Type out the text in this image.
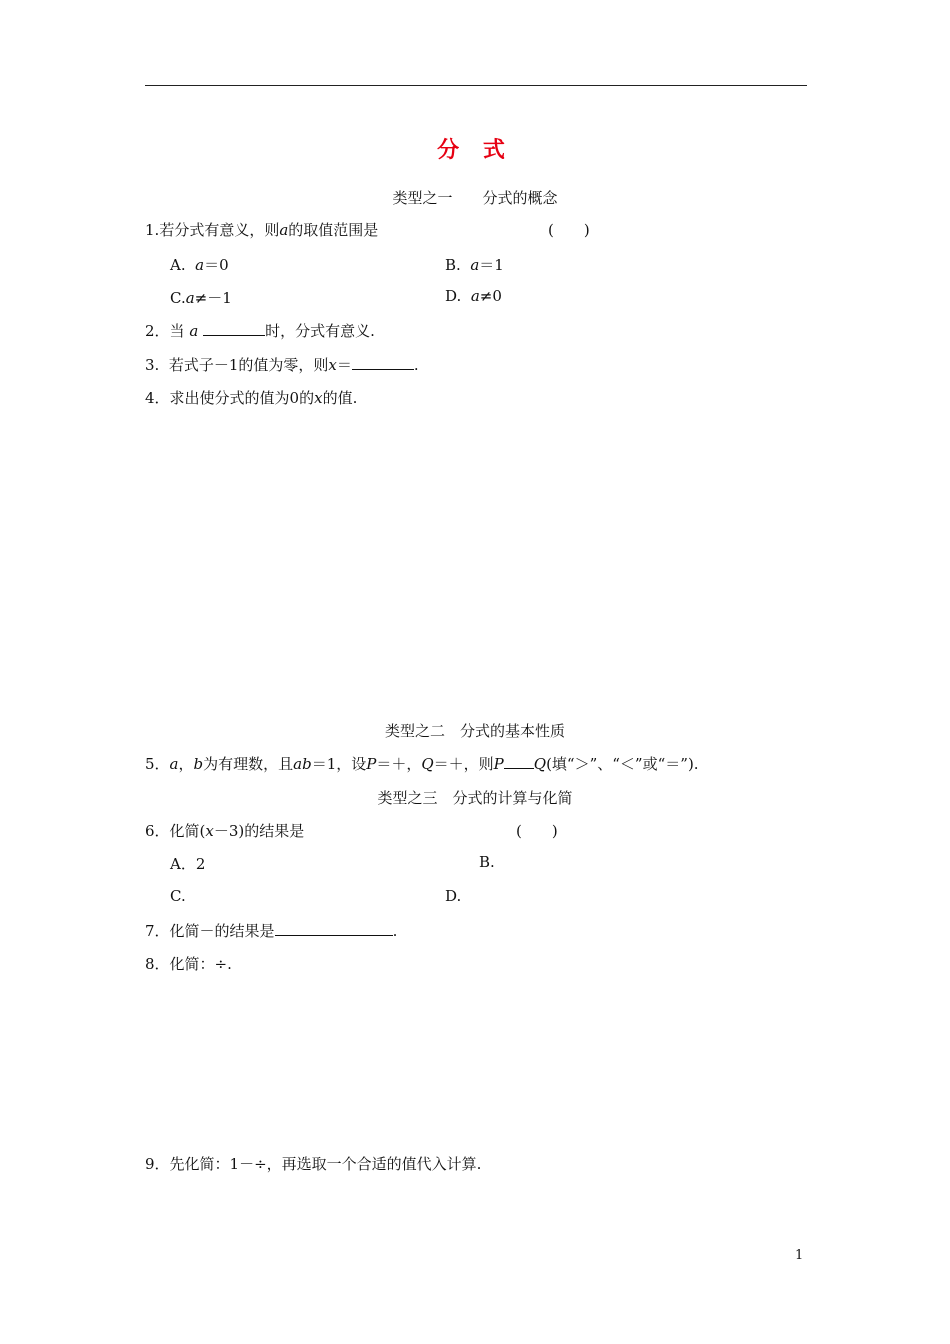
分 式
类型之一　　分式的概念
1.若分式有意义，则a的取值范围是	(　　)
A. a＝0	B. a＝1
C.a≠－1	D. a≠0
2．当 a	时，分式有意义.
3. 若式子－1的值为零，则x＝	.
4．求出使分式的值为0的x的值.
类型之二　分式的基本性质
5．a，b为有理数，且ab＝1，设P＝＋，Q＝＋，则P Q(填“＞”、“＜”或“＝”).
类型之三　分式的计算与化简
6．化简(x－3)的结果是	(　　)
A．2	B.
C.	D.
7．化简－的结果是	.
8．化简：÷.
9．先化简：1－÷，再选取一个合适的值代入计算.
1
